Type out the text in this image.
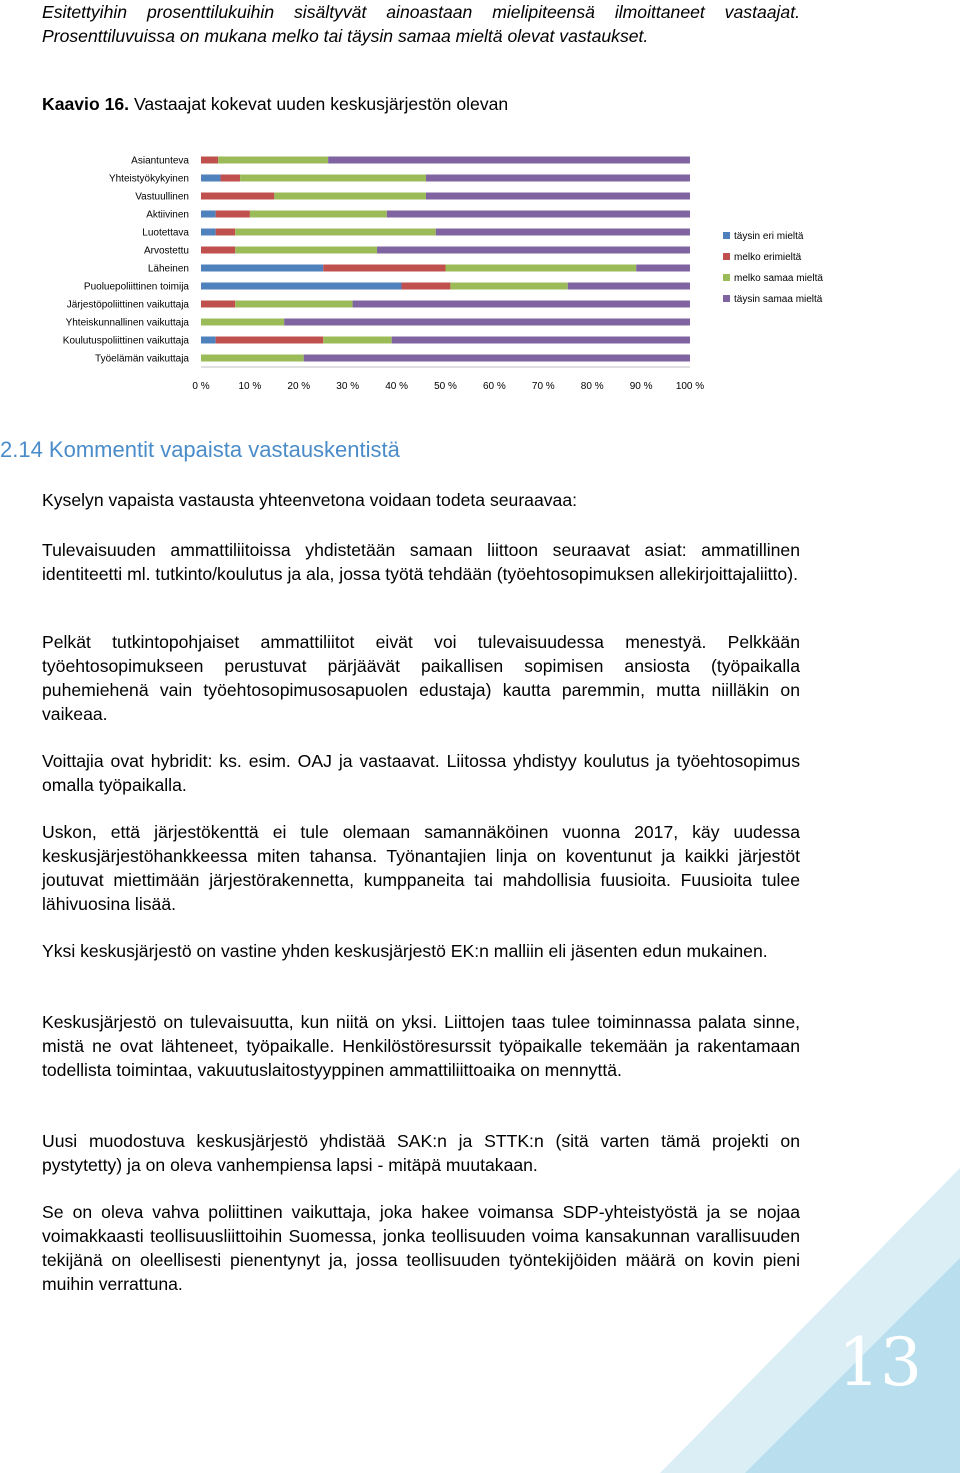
Esitettyihin prosenttilukuihin sisältyvät ainoastaan mielipiteensä ilmoittaneet vastaajat. Prosenttiluvuissa on mukana melko tai täysin samaa mieltä olevat vastaukset.

Kaavio 16. Vastaajat kokevat uuden keskusjärjestön olevan

Asiantunteva
Yhteistyökykyinen
Vastuullinen
Aktiivinen
Luotettava
Arvostettu
Läheinen
Puoluepoliittinen toimija
Järjestöpoliittinen vaikuttaja
Yhteiskunnallinen vaikuttaja
Koulutuspoliittinen vaikuttaja
Työelämän vaikuttaja
0 %	10 %	20 %	30 %	40 %	50 %	60 %	70 %	80 %	90 % 100 %
täysin eri mieltä
melko erimieltä
melko samaa mieltä
täysin samaa mieltä
2.14 Kommentit vapaista vastauskentistä

Kyselyn vapaista vastausta yhteenvetona voidaan todeta seuraavaa:

Tulevaisuuden ammattiliitoissa yhdistetään samaan liittoon seuraavat asiat: ammatillinen identiteetti ml. tutkinto/koulutus ja ala, jossa työtä tehdään (työehtosopimuksen allekirjoittajaliitto).

Pelkät tutkintopohjaiset ammattiliitot eivät voi tulevaisuudessa menestyä. Pelkkään työehtosopimukseen perustuvat pärjäävät paikallisen sopimisen ansiosta (työpaikalla puhemiehenä vain työehtosopimusosapuolen edustaja) kautta paremmin, mutta niilläkin on vaikeaa.

Voittajia ovat hybridit: ks. esim. OAJ ja vastaavat. Liitossa yhdistyy koulutus ja työehtosopimus omalla työpaikalla.

Uskon, että järjestökenttä ei tule olemaan samannäköinen vuonna 2017, käy uudessa keskusjärjestöhankkeessa miten tahansa. Työnantajien linja on koventunut ja kaikki järjestöt joutuvat miettimään järjestörakennetta, kumppaneita tai mahdollisia fuusioita. Fuusioita tulee lähivuosina lisää.

Yksi keskusjärjestö on vastine yhden keskusjärjestö EK:n malliin eli jäsenten edun mukainen.

Keskusjärjestö on tulevaisuutta, kun niitä on yksi. Liittojen taas tulee toiminnassa palata sinne, mistä ne ovat lähteneet, työpaikalle. Henkilöstöresurssit työpaikalle tekemään ja rakentamaan todellista toimintaa, vakuutuslaitostyyppinen ammattiliittoaika on mennyttä.

Uusi muodostuva keskusjärjestö yhdistää SAK:n ja STTK:n (sitä varten tämä projekti on pystytetty) ja on oleva vanhempiensa lapsi - mitäpä muutakaan.

Se on oleva vahva poliittinen vaikuttaja, joka hakee voimansa SDP-yhteistyöstä ja se nojaa voimakkaasti teollisuusliittoihin Suomessa, jonka teollisuuden voima kansakunnan varallisuuden tekijänä on oleellisesti pienentynyt ja, jossa teollisuuden työntekijöiden määrä on kovin pieni muihin verrattuna.

13
